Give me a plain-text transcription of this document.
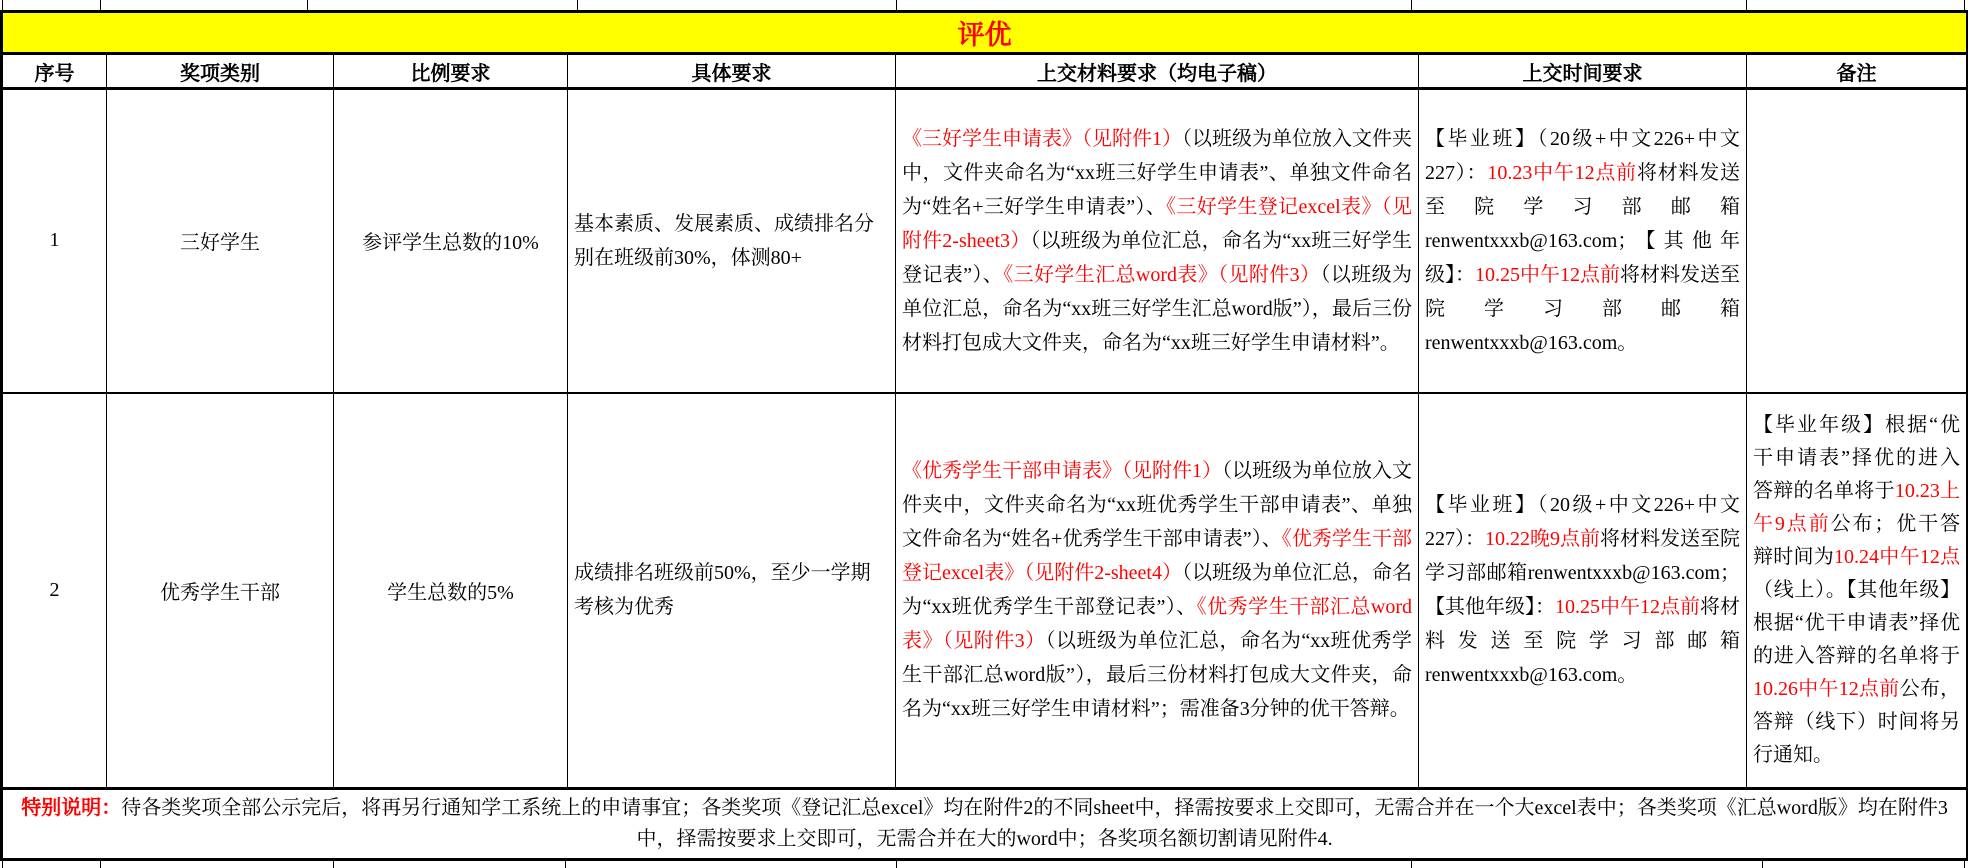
评优						
序号	奖项类别	比例要求	具体要求	上交材料要求（均电子稿）	上交时间要求	备注
1	三好学生	参评学生总数的10%	基本素质、发展素质、成绩排名分别在班级前30%，体测80+	《三好学生申请表》（见附件1）（以班级为单位放入文件夹中，文件夹命名为“xx班三好学生申请表”、单独文件命名为“姓名+三好学生申请表”）、《三好学生登记excel表》（见附件2-sheet3）（以班级为单位汇总，命名为“xx班三好学生登记表”）、《三好学生汇总word表》（见附件3）（以班级为单位汇总，命名为“xx班三好学生汇总word版”），最后三份材料打包成大文件夹，命名为“xx班三好学生申请材料”。	【毕业班】（20级+中文226+中文227）：10.23中午12点前将材料发送至院学习部邮箱renwentxxxb@163.com；【其他年级】：10.25中午12点前将材料发送至院学习部邮箱renwentxxxb@163.com。	
2	优秀学生干部	学生总数的5%	成绩排名班级前50%，至少一学期考核为优秀	《优秀学生干部申请表》（见附件1）（以班级为单位放入文件夹中，文件夹命名为“xx班优秀学生干部申请表”、单独文件命名为“姓名+优秀学生干部申请表”）、《优秀学生干部登记excel表》（见附件2-sheet4）（以班级为单位汇总，命名为“xx班优秀学生干部登记表”）、《优秀学生干部汇总word表》（见附件3）（以班级为单位汇总，命名为“xx班优秀学生干部汇总word版”），最后三份材料打包成大文件夹，命名为“xx班三好学生申请材料”；需准备3分钟的优干答辩。	【毕业班】（20级+中文226+中文227）：10.22晚9点前将材料发送至院学习部邮箱renwentxxxb@163.com；【其他年级】：10.25中午12点前将材料发送至院学习部邮箱renwentxxxb@163.com。	【毕业年级】根据“优干申请表”择优的进入答辩的名单将于10.23上午9点前公布；优干答辩时间为10.24中午12点（线上）。【其他年级】根据“优干申请表”择优的进入答辩的名单将于10.26中午12点前公布，答辩（线下）时间将另行通知。
特别说明：待各类奖项全部公示完后，将再另行通知学工系统上的申请事宜；各类奖项《登记汇总excel》均在附件2的不同sheet中，择需按要求上交即可，无需合并在一个大excel表中；各类奖项《汇总word版》均在附件3中，择需按要求上交即可，无需合并在大的word中；各奖项名额切割请见附件4.						
